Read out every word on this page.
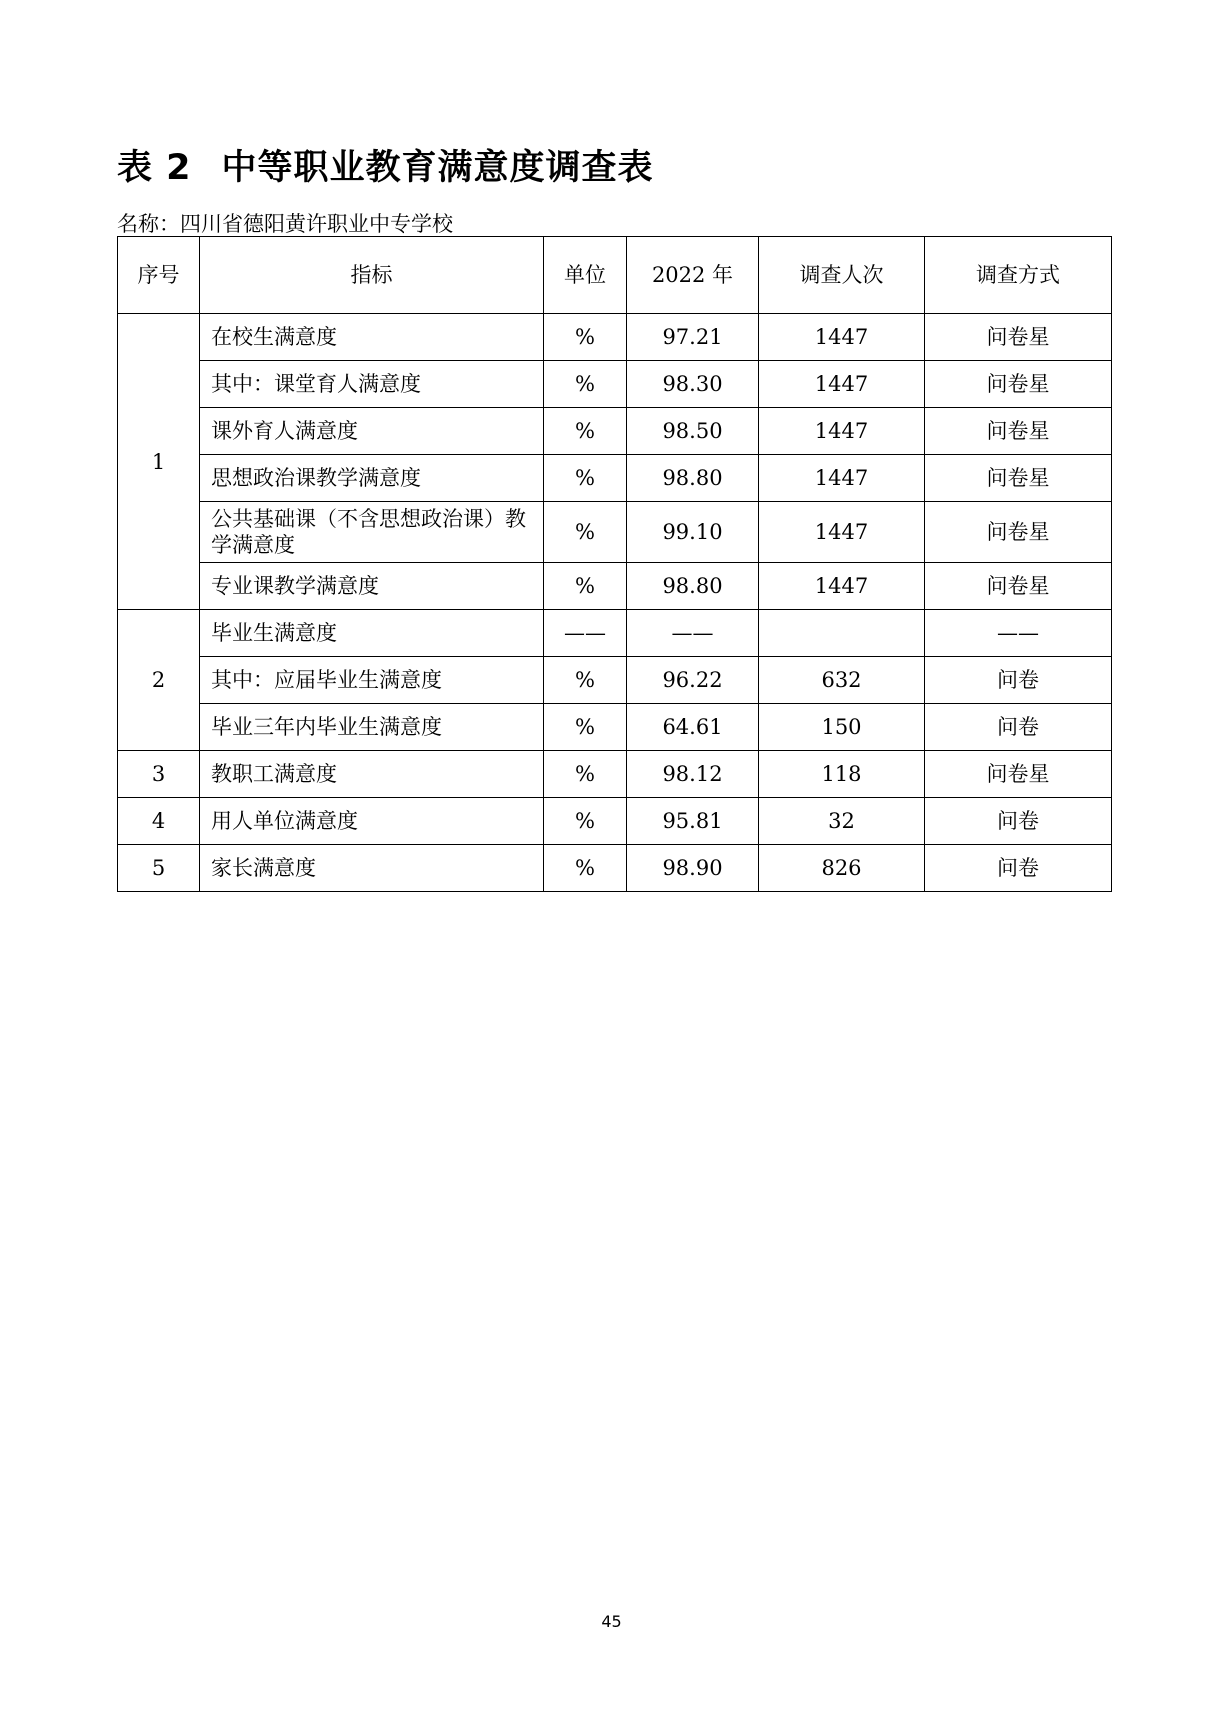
表 2 中等职业教育满意度调查表
名称：四川省德阳黄许职业中专学校
序号	指标	单位	2022 年	调查人次	调查方式
1	在校生满意度	%	97.21	1447	问卷星
	其中：课堂育人满意度	%	98.30	1447	问卷星
	课外育人满意度	%	98.50	1447	问卷星
	思想政治课教学满意度	%	98.80	1447	问卷星
	公共基础课（不含思想政治课）教学满意度	%	99.10	1447	问卷星
	专业课教学满意度	%	98.80	1447	问卷星
2	毕业生满意度	——	——		——
	其中：应届毕业生满意度	%	96.22	632	问卷
	毕业三年内毕业生满意度	%	64.61	150	问卷
3	教职工满意度	%	98.12	118	问卷星
4	用人单位满意度	%	95.81	32	问卷
5	家长满意度	%	98.90	826	问卷
45
